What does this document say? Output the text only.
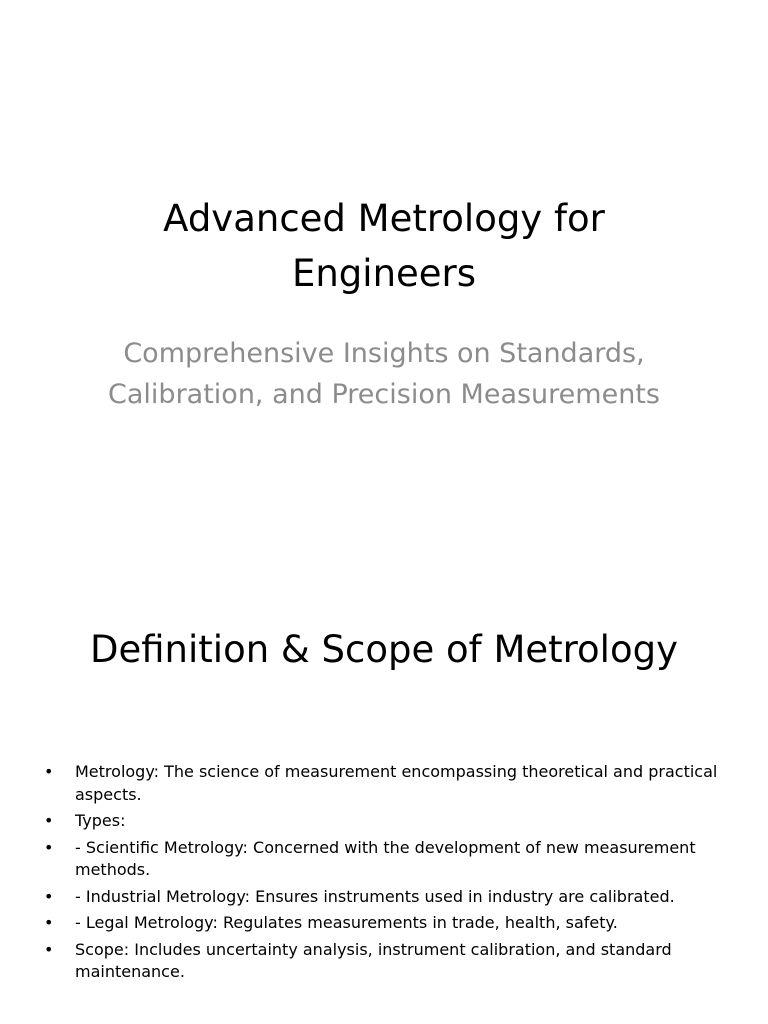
Advanced Metrology for Engineers

Comprehensive Insights on Standards, Calibration, and Precision Measurements

Definition & Scope of Metrology
• Metrology: The science of measurement encompassing theoretical and practical aspects.
• Types:
• - Scientific Metrology: Concerned with the development of new measurement methods.
• - Industrial Metrology: Ensures instruments used in industry are calibrated.
• - Legal Metrology: Regulates measurements in trade, health, safety.
• Scope: Includes uncertainty analysis, instrument calibration, and standard maintenance.
